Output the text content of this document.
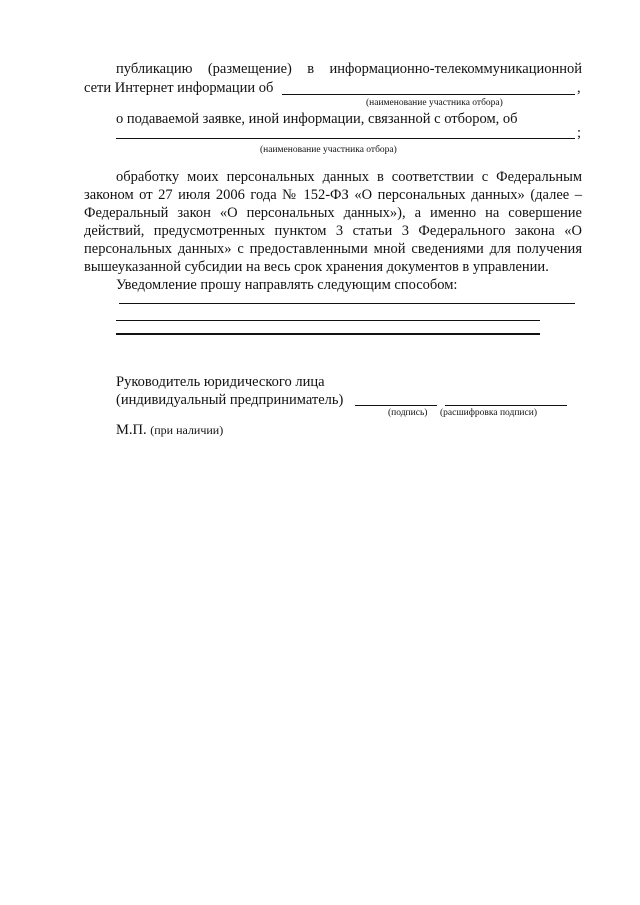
публикацию (размещение) в информационно-телекоммуникационной
сети Интернет информации об	,
(наименование участника отбора)
о подаваемой заявке, иной информации, связанной с отбором, об
;
(наименование участника отбора)
обработку моих персональных данных в соответствии с Федеральным
законом от 27 июля 2006 года № 152-ФЗ «О персональных данных» (далее –
Федеральный закон «О персональных данных»), а именно на совершение
действий, предусмотренных пунктом 3 статьи 3 Федерального закона «О
персональных данных» с предоставленными мной сведениями для получения
вышеуказанной субсидии на весь срок хранения документов в управлении.
Уведомление прошу направлять следующим способом:
Руководитель юридического лица
(индивидуальный предприниматель)
(подпись) (расшифровка подписи)
М.П. (при наличии)
